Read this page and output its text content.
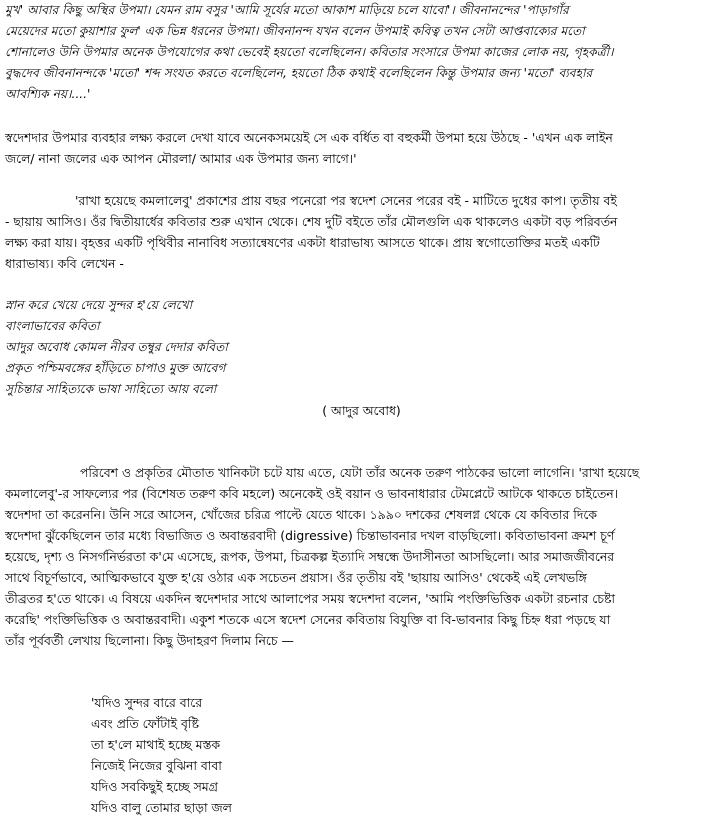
মুখ' আবার কিছু অস্থির উপমা। যেমন রাম বসুর 'আমি সূর্যের মতো আকাশ মাড়িয়ে চলে যাবো'। জীবনানন্দের 'পাড়াগাঁর
মেয়েদের মতো কুয়াশার ফুল' এক ভিন্ন ধরনের উপমা। জীবনানন্দ যখন বলেন উপমাই কবিত্ব তখন সেটা আপ্তবাক্যের মতো
শোনালেও উনি উপমার অনেক উপযোগের কথা ভেবেই হয়তো বলেছিলেন। কবিতার সংসারে উপমা কাজের লোক নয়, গৃহকর্ত্রী।
বুদ্ধদেব জীবনানন্দকে 'মতো' শব্দ সংযত করতে বলেছিলেন, হয়তো ঠিক কথাই বলেছিলেন কিন্তু উপমার জন্য 'মতো' ব্যবহার
আবশ্যিক নয়।....'
স্বদেশদার উপমার ব্যবহার লক্ষ্য করলে দেখা যাবে অনেকসময়েই সে এক বর্ধিত বা বহুকর্মী উপমা হয়ে উঠছে - 'এখন এক লাইন
জলে/ নানা জলের এক আপন মৌরলা/ আমার এক উপমার জন্য লাগে।'
'রাখা হয়েছে কমলালেবু' প্রকাশের প্রায় বছর পনেরো পর স্বদেশ সেনের পরের বই - মাটিতে দুধের কাপ। তৃতীয় বই
- ছায়ায় আসিও। ওঁর দ্বিতীয়ার্ধের কবিতার শুরু এখান থেকে। শেষ দুটি বইতে তাঁর মৌলগুলি এক থাকলেও একটা বড় পরিবর্তন
লক্ষ্য করা যায়। বৃহত্তর একটি পৃথিবীর নানাবিধ সত্যান্বেষণের একটা ধারাভাষ্য আসতে থাকে। প্রায় স্বগোতোক্তির মতই একটি
ধারাভাষ্য। কবি লেখেন -
স্নান করে খেয়ে দেয়ে সুন্দর হ'য়ে লেখো
বাংলাভাবের কবিতা
আদুর অবোধ কোমল নীরব তম্বুর দেদার কবিতা
প্রকৃত পশ্চিমবঙ্গের হাঁড়িতে চাপাও মুক্ত আবেগ
সুচিন্তার সাহিত্যকে ভাষা সাহিত্যে আয় বলো
( আদুর অবোধ)
পরিবেশ ও প্রকৃতির মৌতাত খানিকটা চটে যায় এতে, যেটা তাঁর অনেক তরুণ পাঠকের ভালো লাগেনি। 'রাখা হয়েছে
কমলালেবু'-র সাফল্যের পর (বিশেষত তরুণ কবি মহলে) অনেকেই ওই বয়ান ও ভাবনাধারার টেমপ্লেটে আটকে থাকতে চাইতেন।
স্বদেশদা তা করেননি। উনি সরে আসেন, খোঁজের চরিত্র পাল্টে যেতে থাকে। ১৯৯০ দশকের শেষলগ্ন থেকে যে কবিতার দিকে
স্বদেশদা ঝুঁকেছিলেন তার মধ্যে বিভাজিত ও অবান্তরবাদী (digressive) চিন্তাভাবনার দখল বাড়ছিলো। কবিতাভাবনা ক্রমশ চূর্ণ
হয়েছে, দৃশ্য ও নিসর্গনির্ভরতা ক'মে এসেছে, রূপক, উপমা, চিত্রকল্প ইত্যাদি সম্বন্ধে উদাসীনতা আসছিলো। আর সমাজজীবনের
সাথে বিচূর্ণভাবে, আত্মিকভাবে যুক্ত হ'য়ে ওঠার এক সচেতন প্রয়াস। ওঁর তৃতীয় বই 'ছায়ায় আসিও' থেকেই এই লেখভঙ্গি
তীব্রতর হ'তে থাকে। এ বিষয়ে একদিন স্বদেশদার সাথে আলাপের সময় স্বদেশদা বলেন, 'আমি পংক্তিভিত্তিক একটা রচনার চেষ্টা
করেছি' পংক্তিভিত্তিক ও অবান্তরবাদী। একুশ শতকে এসে স্বদেশ সেনের কবিতায় বিযুক্তি বা বি-ভাবনার কিছু চিহ্ন ধরা পড়ছে যা
তাঁর পূর্ববর্তী লেখায় ছিলোনা। কিছু উদাহরণ দিলাম নিচে —
'যদিও সুন্দর বারে বারে
এবং প্রতি ফোঁটাই বৃষ্টি
তা হ'লে মাথাই হচ্ছে মস্তক
নিজেই নিজের বুঝিনা বাবা
যদিও সবকিছুই হচ্ছে সমগ্র
যদিও বালু তোমার ছাড়া জল
